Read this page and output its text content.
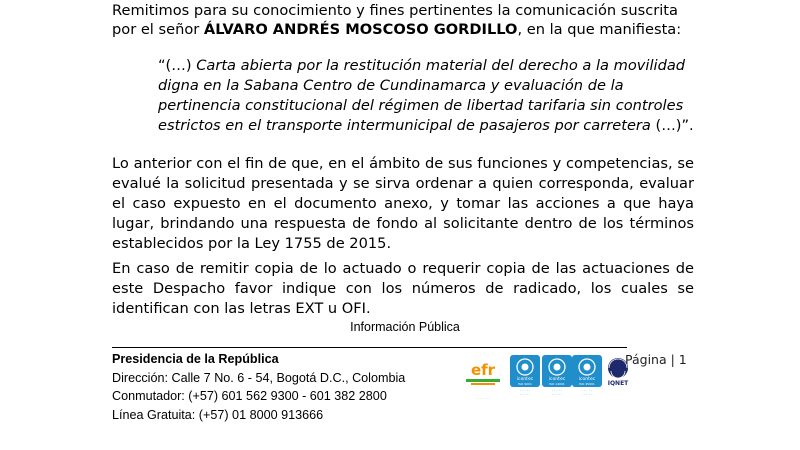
Remitimos para su conocimiento y fines pertinentes la comunicación suscrita por el señor ÁLVARO ANDRÉS MOSCOSO GORDILLO, en la que manifiesta:

“(…) Carta abierta por la restitución material del derecho a la movilidad digna en la Sabana Centro de Cundinamarca y evaluación de la pertinencia constitucional del régimen de libertad tarifaria sin controles estrictos en el transporte intermunicipal de pasajeros por carretera (…)”.

Lo anterior con el fin de que, en el ámbito de sus funciones y competencias, se evalué la solicitud presentada y se sirva ordenar a quien corresponda, evaluar el caso expuesto en el documento anexo, y tomar las acciones a que haya lugar, brindando una respuesta de fondo al solicitante dentro de los términos establecidos por la Ley 1755 de 2015.

En caso de remitir copia de lo actuado o requerir copia de las actuaciones de este Despacho favor indique con los números de radicado, los cuales se identifican con las letras EXT u OFI.

Información Pública
Presidencia de la República
Dirección: Calle 7 No. 6 - 54, Bogotá D.C., Colombia
Conmutador: (+57) 601 562 9300 - 601 382 2800
Línea Gratuita: (+57) 01 8000 913666
efr
· · · · · · ·
icontec
ISO 9001
· · · · ·
· · · · ·
icontec
ISO 14001
· · · · ·
· · · · ·
icontec
ISO 45001
· · · · ·
· · · · ·
IQNET
Página | 1
